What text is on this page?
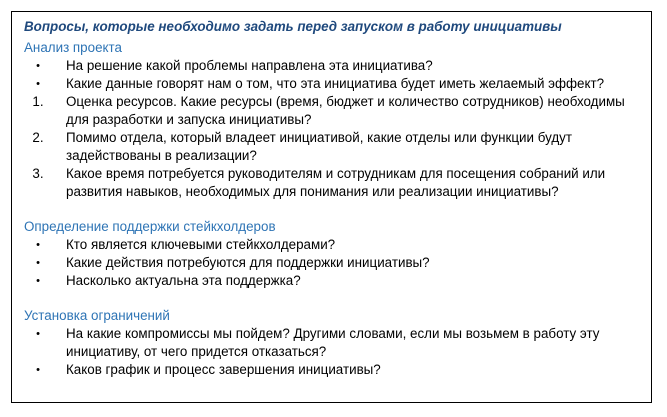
Вопросы, которые необходимо задать перед запуском в работу инициативы
Анализ проекта
•	На решение какой проблемы направлена эта инициатива?
•	Какие данные говорят нам о том, что эта инициатива будет иметь желаемый эффект?
1.	Оценка ресурсов. Какие ресурсы (время, бюджет и количество сотрудников) необходимы для разработки и запуска инициативы?
2.	Помимо отдела, который владеет инициативой, какие отделы или функции будут задействованы в реализации?
3.	Какое время потребуется руководителям и сотрудникам для посещения собраний или развития навыков, необходимых для понимания или реализации инициативы?
Определение поддержки стейкхолдеров
•	Кто является ключевыми стейкхолдерами?
•	Какие действия потребуются для поддержки инициативы?
•	Насколько актуальна эта поддержка?
Установка ограничений
•	На какие компромиссы мы пойдем? Другими словами, если мы возьмем в работу эту инициативу, от чего придется отказаться?
•	Каков график и процесс завершения инициативы?
